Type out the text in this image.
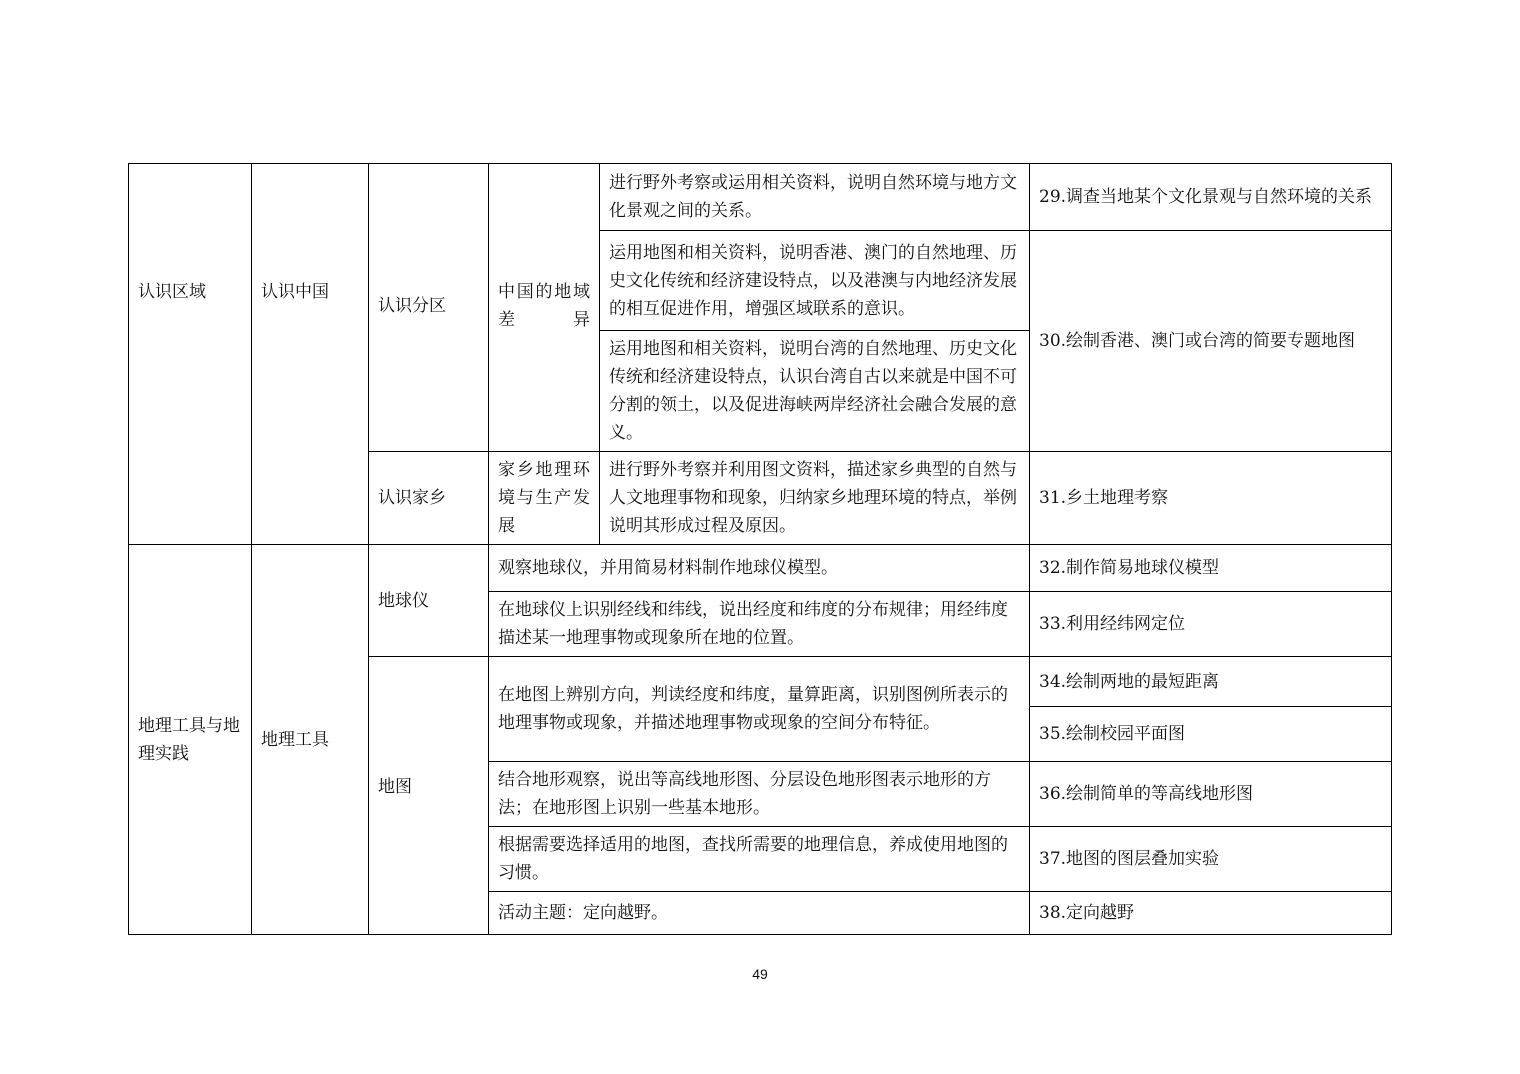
认识区域	认识中国	认识分区	中国的地域差异	进行野外考察或运用相关资料，说明自然环境与地方文化景观之间的关系。	29.调查当地某个文化景观与自然环境的关系
				运用地图和相关资料，说明香港、澳门的自然地理、历史文化传统和经济建设特点，以及港澳与内地经济发展的相互促进作用，增强区域联系的意识。	30.绘制香港、澳门或台湾的简要专题地图
				运用地图和相关资料，说明台湾的自然地理、历史文化传统和经济建设特点，认识台湾自古以来就是中国不可分割的领土，以及促进海峡两岸经济社会融合发展的意义。	
		认识家乡	家乡地理环境与生产发展	进行野外考察并利用图文资料，描述家乡典型的自然与人文地理事物和现象，归纳家乡地理环境的特点，举例说明其形成过程及原因。	31.乡土地理考察
地理工具与地理实践	地理工具	地球仪	观察地球仪，并用简易材料制作地球仪模型。		32.制作简易地球仪模型
			在地球仪上识别经线和纬线，说出经度和纬度的分布规律；用经纬度描述某一地理事物或现象所在地的位置。		33.利用经纬网定位
		地图	在地图上辨别方向，判读经度和纬度，量算距离，识别图例所表示的地理事物或现象，并描述地理事物或现象的空间分布特征。		34.绘制两地的最短距离
					35.绘制校园平面图
			结合地形观察，说出等高线地形图、分层设色地形图表示地形的方法；在地形图上识别一些基本地形。		36.绘制简单的等高线地形图
			根据需要选择适用的地图，查找所需要的地理信息，养成使用地图的习惯。		37.地图的图层叠加实验
			活动主题：定向越野。		38.定向越野
49
